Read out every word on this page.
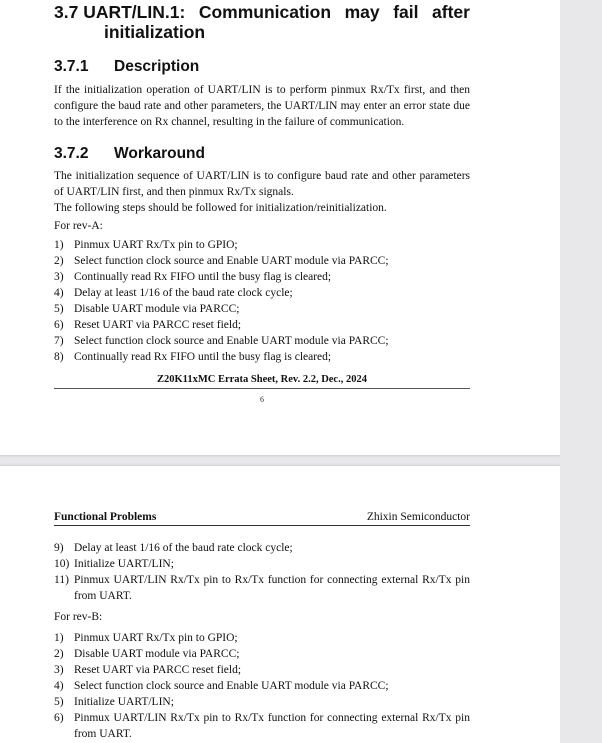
3.7 UART/LIN.1: Communication may fail after
initialization
3.7.1	Description

If the initialization operation of UART/LIN is to perform pinmux Rx/Tx first, and then configure the baud rate and other parameters, the UART/LIN may enter an error state due to the interference on Rx channel, resulting in the failure of communication.

3.7.2	Workaround

The initialization sequence of UART/LIN is to configure baud rate and other parameters of UART/LIN first, and then pinmux Rx/Tx signals.

The following steps should be followed for initialization/reinitialization.

For rev-A:

1) Pinmux UART Rx/Tx pin to GPIO;
2) Select function clock source and Enable UART module via PARCC;
3) Continually read Rx FIFO until the busy flag is cleared;
4) Delay at least 1/16 of the baud rate clock cycle;
5) Disable UART module via PARCC;
6) Reset UART via PARCC reset field;
7) Select function clock source and Enable UART module via PARCC;
8) Continually read Rx FIFO until the busy flag is cleared;
Z20K11xMC Errata Sheet, Rev. 2.2, Dec., 2024
6
Functional Problems	Zhixin Semiconductor
9) Delay at least 1/16 of the baud rate clock cycle;
10) Initialize UART/LIN;
11) Pinmux UART/LIN Rx/Tx pin to Rx/Tx function for connecting external Rx/Tx pin from UART.

For rev-B:

1) Pinmux UART Rx/Tx pin to GPIO;
2) Disable UART module via PARCC;
3) Reset UART via PARCC reset field;
4) Select function clock source and Enable UART module via PARCC;
5) Initialize UART/LIN;
6) Pinmux UART/LIN Rx/Tx pin to Rx/Tx function for connecting external Rx/Tx pin from UART.
